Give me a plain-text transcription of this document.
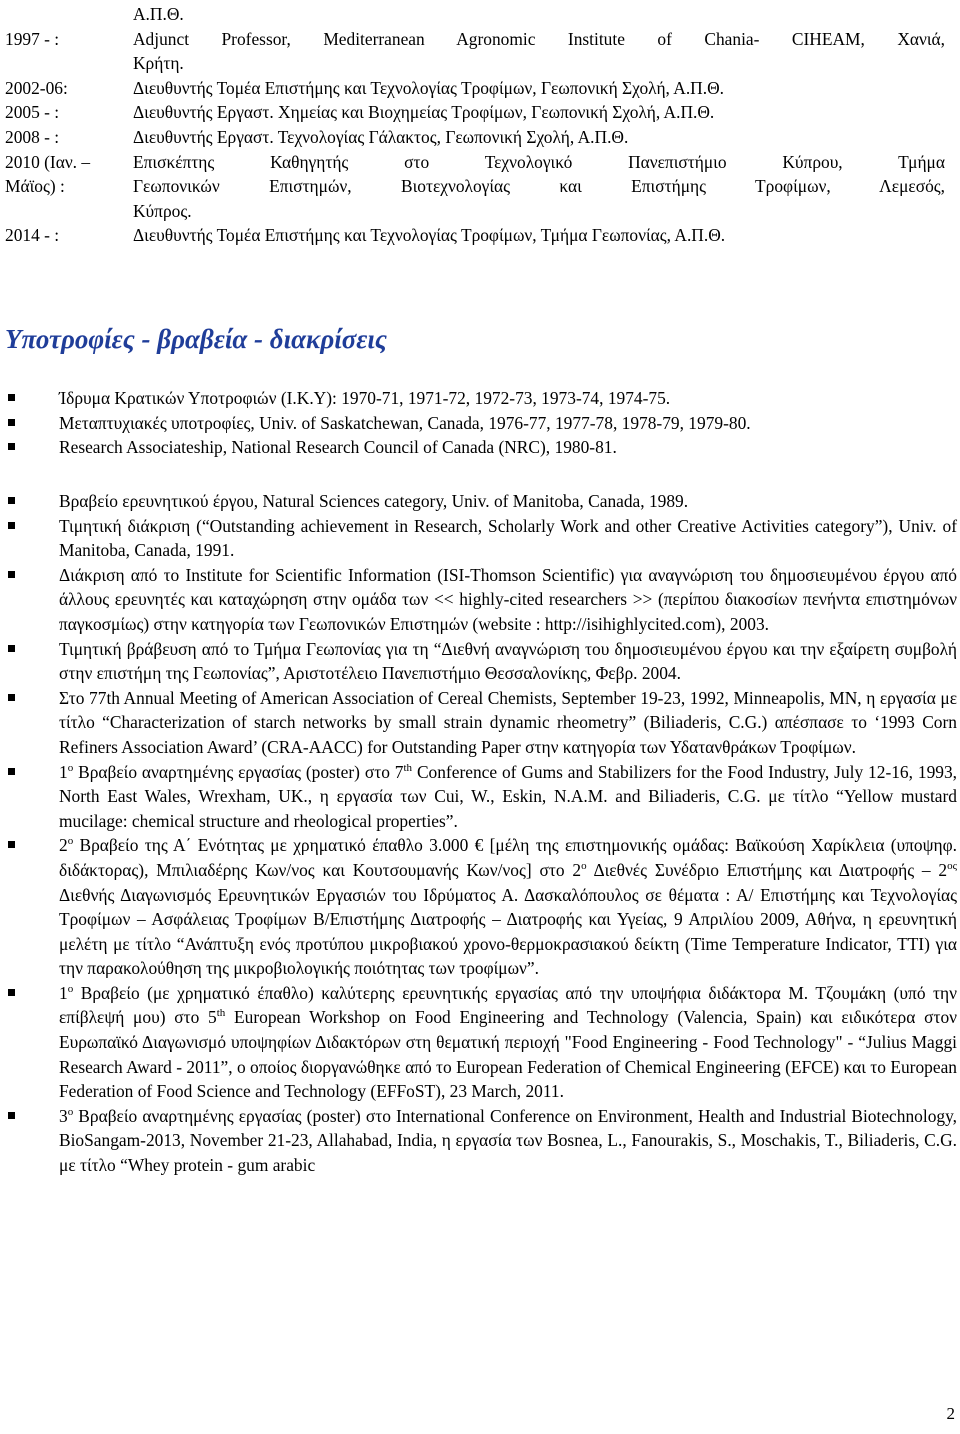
Α.Π.Θ.
1997 - :	Adjunct Professor, Mediterranean Agronomic Institute of Chania- CIHEAM, Χανιά,
Κρήτη.
2002-06:	Διευθυντής Τομέα Επιστήμης και Τεχνολογίας Τροφίμων, Γεωπονική Σχολή, Α.Π.Θ.
2005 - :	Διευθυντής Εργαστ. Χημείας και Βιοχημείας Τροφίμων, Γεωπονική Σχολή, Α.Π.Θ.
2008 - :	Διευθυντής Εργαστ. Τεχνολογίας Γάλακτος, Γεωπονική Σχολή, Α.Π.Θ.
2010 (Ιαν. –	Επισκέπτης Καθηγητής στο Τεχνολογικό Πανεπιστήμιο Κύπρου, Τμήμα
Μάϊος) :	Γεωπονικών Επιστημών, Βιοτεχνολογίας και Επιστήμης Τροφίμων, Λεμεσός,
Κύπρος.
2014 - :	Διευθυντής Τομέα Επιστήμης και Τεχνολογίας Τροφίμων, Τμήμα Γεωπονίας, Α.Π.Θ.
Υποτροφίες - βραβεία - διακρίσεις
Ίδρυμα Κρατικών Υποτροφιών (Ι.Κ.Υ): 1970-71, 1971-72, 1972-73, 1973-74, 1974-75.
Μεταπτυχιακές υποτροφίες, Univ. of Saskatchewan, Canada, 1976-77, 1977-78, 1978-79, 1979-80.
Research Associateship, National Research Council of Canada (NRC), 1980-81.
Βραβείο ερευνητικού έργου, Natural Sciences category, Univ. of Manitoba, Canada, 1989.
Τιμητική διάκριση (“Outstanding achievement in Research, Scholarly Work and other Creative Activities category”), Univ. of Manitoba, Canada, 1991.
Διάκριση από το Institute for Scientific Information (ISI-Thomson Scientific) για αναγνώριση του δημοσιευμένου έργου από άλλους ερευνητές και καταχώρηση στην ομάδα των << highly-cited researchers >> (περίπου διακοσίων πενήντα επιστημόνων παγκοσμίως) στην κατηγορία των Γεωπονικών Επιστημών (website : http://isihighlycited.com), 2003.
Τιμητική βράβευση από το Τμήμα Γεωπονίας για τη “Διεθνή αναγνώριση του δημοσιευμένου έργου και την εξαίρετη συμβολή στην επιστήμη της Γεωπονίας”, Αριστοτέλειο Πανεπιστήμιο Θεσσαλονίκης, Φεβρ. 2004.
Στο 77th Annual Meeting of American Association of Cereal Chemists, September 19-23, 1992, Minneapolis, MN, η εργασία με τίτλο “Characterization of starch networks by small strain dynamic rheometry” (Biliaderis, C.G.) απέσπασε το ‘1993 Corn Refiners Association Award’ (CRA-AACC) for Outstanding Paper στην κατηγορία των Υδατανθράκων Τροφίμων.
$1^o$ Βραβείο αναρτημένης εργασίας (poster) στο 7th Conference of Gums and Stabilizers for the Food Industry, July 12-16, 1993, North East Wales, Wrexham, UK., η εργασία των Cui, W., Eskin, N.A.M. and Biliaderis, C.G. με τίτλο “Yellow mustard mucilage: chemical structure and rheological properties”.
$2^o$ Βραβείο της Α΄ Ενότητας με χρηματικό έπαθλο 3.000 € [μέλη της επιστημονικής ομάδας: Βαϊκούση Χαρίκλεια (υποψηφ. διδάκτορας), Μπιλιαδέρης Κων/νος και Κουτσουμανής Κων/νος] στο $2^o$ Διεθνές Συνέδριο Επιστήμης και Διατροφής – $2^{o\varsigma}$ Διεθνής Διαγωνισμός Ερευνητικών Εργασιών του Ιδρύματος Α. Δασκαλόπουλος σε θέματα : Α/ Επιστήμης και Τεχνολογίας Τροφίμων – Ασφάλειας Τροφίμων Β/Επιστήμης Διατροφής – Διατροφής και Υγείας, 9 Απριλίου 2009, Αθήνα, η ερευνητική μελέτη με τίτλο “Ανάπτυξη ενός προτύπου μικροβιακού χρονο-θερμοκρασιακού δείκτη (Time Temperature Indicator, TTI) για την παρακολούθηση της μικροβιολογικής ποιότητας των τροφίμων”.
$1^o$ Βραβείο (με χρηματικό έπαθλο) καλύτερης ερευνητικής εργασίας από την υποψήφια διδάκτορα Μ. Τζουμάκη (υπό την επίβλεψή μου) στο 5th European Workshop on Food Engineering and Technology (Valencia, Spain) και ειδικότερα στον Ευρωπαϊκό Διαγωνισμό υποψηφίων Διδακτόρων στη θεματική περιοχή "Food Engineering - Food Technology" - “Julius Maggi Research Award - 2011”, ο οποίος διοργανώθηκε από το European Federation of Chemical Engineering (EFCE) και το European Federation of Food Science and Technology (EFFoST), 23 March, 2011.
$3^o$ Βραβείο αναρτημένης εργασίας (poster) στο International Conference on Environment, Health and Industrial Biotechnology, BioSangam-2013, November 21-23, Allahabad, India, η εργασία των Bosnea, L., Fanourakis, S., Moschakis, T., Biliaderis, C.G. με τίτλο “Whey protein - gum arabic
2
